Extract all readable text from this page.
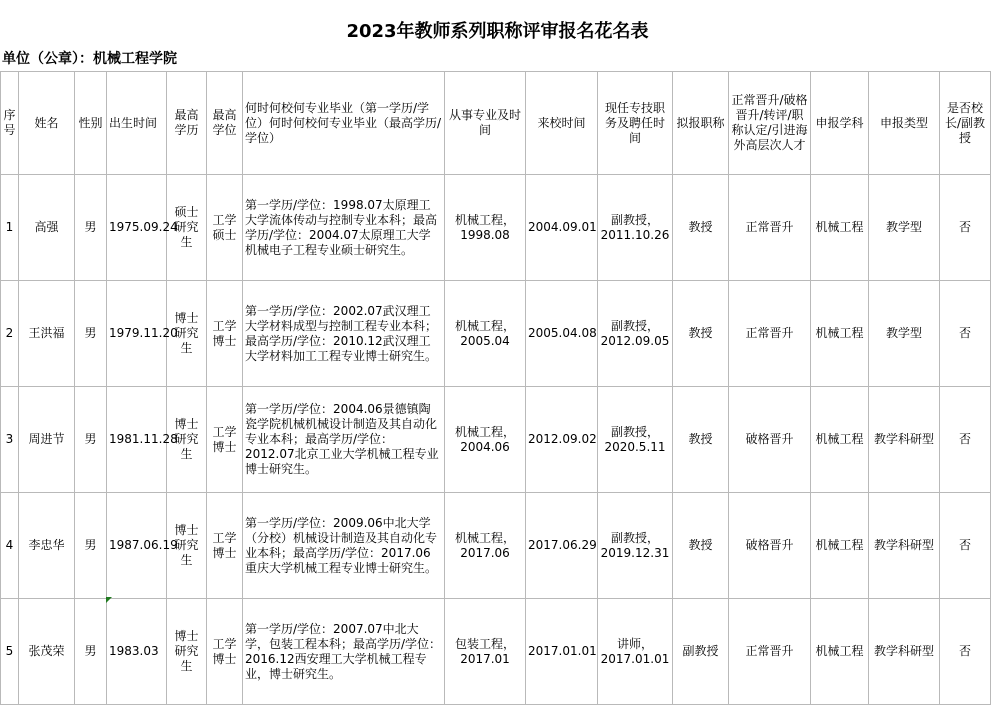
2023年教师系列职称评审报名花名表
单位（公章）：机械工程学院
序号	姓名	性别	出生时间	最高学历	最高学位	何时何校何专业毕业（第一学历/学位）何时何校何专业毕业（最高学历/学位）	从事专业及时间	来校时间	现任专技职务及聘任时间	拟报职称	正常晋升/破格晋升/转评/职称认定/引进海外高层次人才	申报学科	申报类型	是否校长/副教授
1	高强	男	1975.09.24	硕士研究生	工学硕士	第一学历/学位：1998.07太原理工大学流体传动与控制专业本科；最高学历/学位：2004.07太原理工大学机械电子工程专业硕士研究生。	机械工程，1998.08	2004.09.01	副教授，2011.10.26	教授	正常晋升	机械工程	教学型	否
2	王洪福	男	1979.11.20	博士研究生	工学博士	第一学历/学位：2002.07武汉理工大学材料成型与控制工程专业本科；最高学历/学位：2010.12武汉理工大学材料加工工程专业博士研究生。	机械工程，2005.04	2005.04.08	副教授，2012.09.05	教授	正常晋升	机械工程	教学型	否
3	周进节	男	1981.11.28	博士研究生	工学博士	第一学历/学位：2004.06景德镇陶瓷学院机械机械设计制造及其自动化专业本科；最高学历/学位：2012.07北京工业大学机械工程专业博士研究生。	机械工程，2004.06	2012.09.02	副教授，2020.5.11	教授	破格晋升	机械工程	教学科研型	否
4	李忠华	男	1987.06.19	博士研究生	工学博士	第一学历/学位：2009.06中北大学（分校）机械设计制造及其自动化专业本科；最高学历/学位：2017.06重庆大学机械工程专业博士研究生。	机械工程，2017.06	2017.06.29	副教授，2019.12.31	教授	破格晋升	机械工程	教学科研型	否
5	张茂荣	男	1983.03	博士研究生	工学博士	第一学历/学位：2007.07中北大学，包装工程本科；最高学历/学位：2016.12西安理工大学机械工程专业，博士研究生。	包装工程，2017.01	2017.01.01	讲师，2017.01.01	副教授	正常晋升	机械工程	教学科研型	否
